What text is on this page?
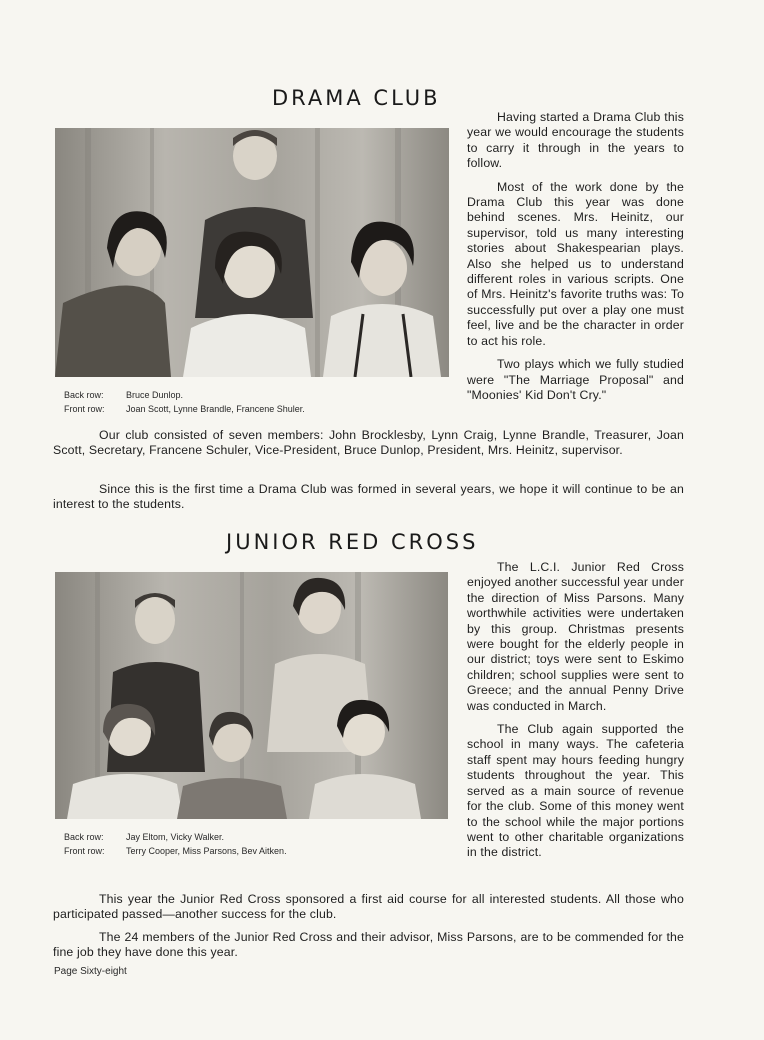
DRAMA CLUB
Back row: Bruce Dunlop.
Front row: Joan Scott, Lynne Brandle, Francene Shuler.

Having started a Drama Club this year we would encourage the students to carry it through in the years to follow.

Most of the work done by the Drama Club this year was done behind scenes. Mrs. Heinitz, our supervisor, told us many interesting stories about Shakespearian plays. Also she helped us to understand different roles in various scripts. One of Mrs. Heinitz's favorite truths was: To successfully put over a play one must feel, live and be the character in order to act his role.

Two plays which we fully studied were "The Marriage Proposal" and "Moonies' Kid Don't Cry."

Our club consisted of seven members: John Brocklesby, Lynn Craig, Lynne Brandle, Treasurer, Joan Scott, Secretary, Francene Schuler, Vice-President, Bruce Dunlop, President, Mrs. Heinitz, supervisor.

Since this is the first time a Drama Club was formed in several years, we hope it will continue to be an interest to the students.

JUNIOR RED CROSS
Back row: Jay Eltom, Vicky Walker.
Front row: Terry Cooper, Miss Parsons, Bev Aitken.

The L.C.I. Junior Red Cross enjoyed another successful year under the direction of Miss Parsons. Many worthwhile activities were undertaken by this group. Christmas presents were bought for the elderly people in our district; toys were sent to Eskimo children; school supplies were sent to Greece; and the annual Penny Drive was conducted in March.

The Club again supported the school in many ways. The cafeteria staff spent may hours feeding hungry students throughout the year. This served as a main source of revenue for the club. Some of this money went to the school while the major portions went to other charitable organizations in the district.

This year the Junior Red Cross sponsored a first aid course for all interested students. All those who participated passed—another success for the club.

The 24 members of the Junior Red Cross and their advisor, Miss Parsons, are to be commended for the fine job they have done this year.

Page Sixty-eight
